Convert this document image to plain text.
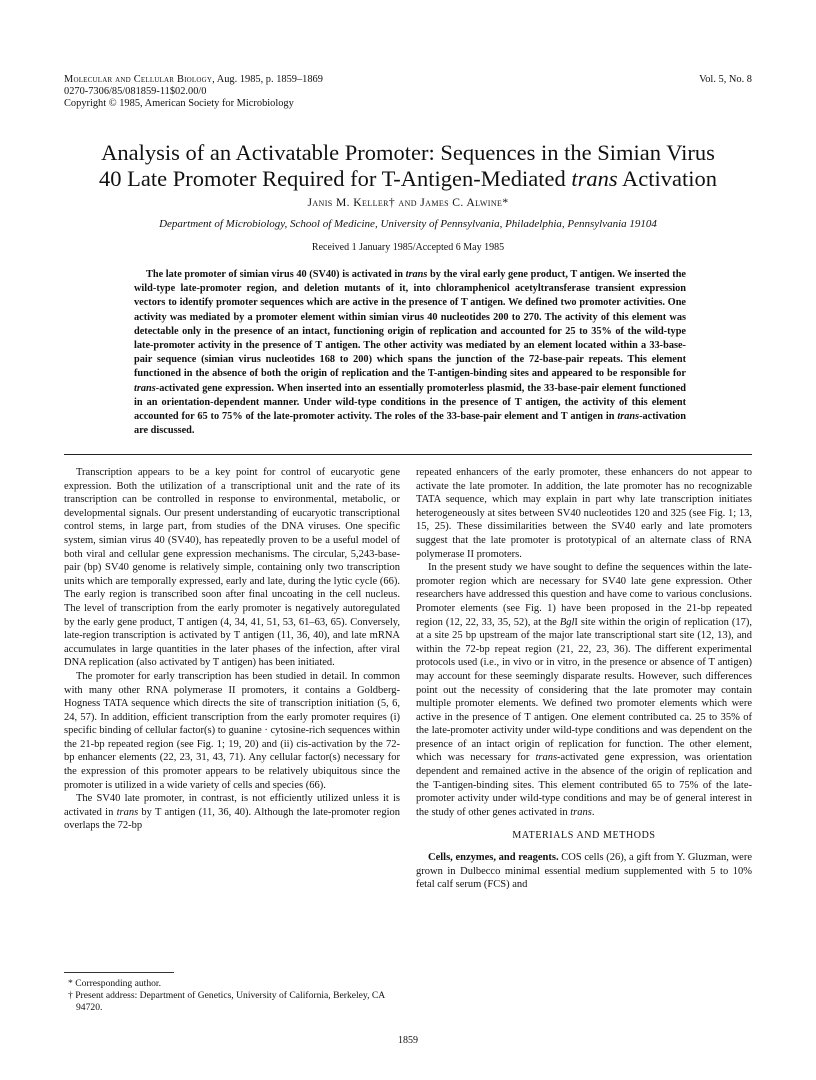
Molecular and Cellular Biology, Aug. 1985, p. 1859–1869
0270-7306/85/081859-11$02.00/0
Copyright © 1985, American Society for Microbiology
Vol. 5, No. 8
Analysis of an Activatable Promoter: Sequences in the Simian Virus
40 Late Promoter Required for T-Antigen-Mediated trans Activation
Janis M. Keller† and James C. Alwine*
Department of Microbiology, School of Medicine, University of Pennsylvania, Philadelphia, Pennsylvania 19104
Received 1 January 1985/Accepted 6 May 1985

The late promoter of simian virus 40 (SV40) is activated in trans by the viral early gene product, T antigen. We inserted the wild-type late-promoter region, and deletion mutants of it, into chloramphenicol acetyltransferase transient expression vectors to identify promoter sequences which are active in the presence of T antigen. We defined two promoter activities. One activity was mediated by a promoter element within simian virus 40 nucleotides 200 to 270. The activity of this element was detectable only in the presence of an intact, functioning origin of replication and accounted for 25 to 35% of the wild-type late-promoter activity in the presence of T antigen. The other activity was mediated by an element located within a 33-base-pair sequence (simian virus nucleotides 168 to 200) which spans the junction of the 72-base-pair repeats. This element functioned in the absence of both the origin of replication and the T-antigen-binding sites and appeared to be responsible for trans-activated gene expression. When inserted into an essentially promoterless plasmid, the 33-base-pair element functioned in an orientation-dependent manner. Under wild-type conditions in the presence of T antigen, the activity of this element accounted for 65 to 75% of the late-promoter activity. The roles of the 33-base-pair element and T antigen in trans-activation are discussed.

Transcription appears to be a key point for control of eucaryotic gene expression. Both the utilization of a transcriptional unit and the rate of its transcription can be controlled in response to environmental, metabolic, or developmental signals. Our present understanding of eucaryotic transcriptional control stems, in large part, from studies of the DNA viruses. One specific system, simian virus 40 (SV40), has repeatedly proven to be a useful model of both viral and cellular gene expression mechanisms. The circular, 5,243-base-pair (bp) SV40 genome is relatively simple, containing only two transcription units which are temporally expressed, early and late, during the lytic cycle (66). The early region is transcribed soon after final uncoating in the cell nucleus. The level of transcription from the early promoter is negatively autoregulated by the early gene product, T antigen (4, 34, 41, 51, 53, 61–63, 65). Conversely, late-region transcription is activated by T antigen (11, 36, 40), and late mRNA accumulates in large quantities in the later phases of the infection, after viral DNA replication (also activated by T antigen) has been initiated.

The promoter for early transcription has been studied in detail. In common with many other RNA polymerase II promoters, it contains a Goldberg-Hogness TATA sequence which directs the site of transcription initiation (5, 6, 24, 57). In addition, efficient transcription from the early promoter requires (i) specific binding of cellular factor(s) to guanine · cytosine-rich sequences within the 21-bp repeated region (see Fig. 1; 19, 20) and (ii) cis-activation by the 72-bp enhancer elements (22, 23, 31, 43, 71). Any cellular factor(s) necessary for the expression of this promoter appears to be relatively ubiquitous since the promoter is utilized in a wide variety of cells and species (66).

The SV40 late promoter, in contrast, is not efficiently utilized unless it is activated in trans by T antigen (11, 36, 40). Although the late-promoter region overlaps the 72-bp

repeated enhancers of the early promoter, these enhancers do not appear to activate the late promoter. In addition, the late promoter has no recognizable TATA sequence, which may explain in part why late transcription initiates heterogeneously at sites between SV40 nucleotides 120 and 325 (see Fig. 1; 13, 15, 25). These dissimilarities between the SV40 early and late promoters suggest that the late promoter is prototypical of an alternate class of RNA polymerase II promoters.

In the present study we have sought to define the sequences within the late-promoter region which are necessary for SV40 late gene expression. Other researchers have addressed this question and have come to various conclusions. Promoter elements (see Fig. 1) have been proposed in the 21-bp repeated region (12, 22, 33, 35, 52), at the BglI site within the origin of replication (17), at a site 25 bp upstream of the major late transcriptional start site (12, 13), and within the 72-bp repeat region (21, 22, 23, 36). The different experimental protocols used (i.e., in vivo or in vitro, in the presence or absence of T antigen) may account for these seemingly disparate results. However, such differences point out the necessity of considering that the late promoter may contain multiple promoter elements. We defined two promoter elements which were active in the presence of T antigen. One element contributed ca. 25 to 35% of the late-promoter activity under wild-type conditions and was dependent on the presence of an intact origin of replication for function. The other element, which was necessary for trans-activated gene expression, was orientation dependent and remained active in the absence of the origin of replication and the T-antigen-binding sites. This element contributed 65 to 75% of the late-promoter activity under wild-type conditions and may be of general interest in the study of other genes activated in trans.

MATERIALS AND METHODS

Cells, enzymes, and reagents. COS cells (26), a gift from Y. Gluzman, were grown in Dulbecco minimal essential medium supplemented with 5 to 10% fetal calf serum (FCS) and

* Corresponding author.
† Present address: Department of Genetics, University of California, Berkeley, CA 94720.
1859
